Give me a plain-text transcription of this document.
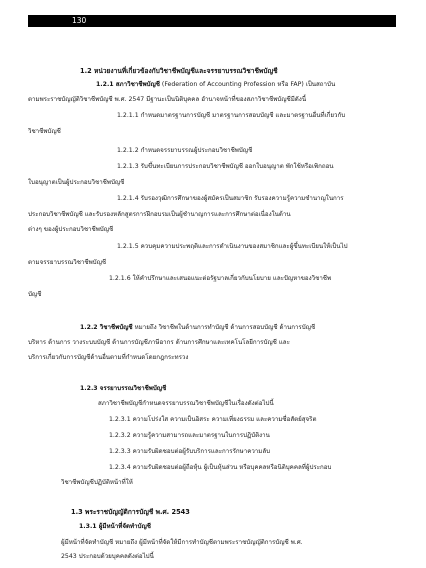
130
1.2 หน่วยงานที่เกี่ยวข้องกับวิชาชีพบัญชีและจรรยาบรรณวิชาชีพบัญชี
1.2.1 สภาวิชาชีพบัญชี (Federation of Accounting Profession หรือ FAP) เป็นสถาบัน
ตามพระราชบัญญัติวิชาชีพบัญชี พ.ศ. 2547 มีฐานะเป็นนิติบุคคล อำนาจหน้าที่ของสภาวิชาชีพบัญชีมีดังนี้
1.2.1.1 กำหนดมาตรฐานการบัญชี มาตรฐานการสอบบัญชี และมาตรฐานอื่นที่เกี่ยวกับ
วิชาชีพบัญชี
1.2.1.2 กำหนดจรรยาบรรณผู้ประกอบวิชาชีพบัญชี
1.2.1.3 รับขึ้นทะเบียนการประกอบวิชาชีพบัญชี ออกใบอนุญาต พักใช้หรือเพิกถอน
ใบอนุญาตเป็นผู้ประกอบวิชาชีพบัญชี
1.2.1.4 รับรองวุฒิการศึกษาของผู้สมัครเป็นสมาชิก รับรองความรู้ความชำนาญในการ
ประกอบวิชาชีพบัญชี และรับรองหลักสูตรการฝึกอบรมเป็นผู้ชำนาญการและการศึกษาต่อเนื่องในด้าน
ต่างๆ ของผู้ประกอบวิชาชีพบัญชี
1.2.1.5 ควบคุมความประพฤติและการดำเนินงานของสมาชิกและผู้ขึ้นทะเบียนให้เป็นไป
ตามจรรยาบรรณวิชาชีพบัญชี
1.2.1.6 ให้คำปรึกษาและเสนอแนะต่อรัฐบาลเกี่ยวกับนโยบาย และปัญหาของวิชาชีพ
บัญชี
1.2.2 วิชาชีพบัญชี หมายถึง วิชาชีพในด้านการทำบัญชี ด้านการสอบบัญชี ด้านการบัญชี
บริหาร ด้านการ วางระบบบัญชี ด้านการบัญชีภาษีอากร ด้านการศึกษาและเทคโนโลยีการบัญชี และ
บริการเกี่ยวกับการบัญชีด้านอื่นตามที่กำหนดโดยกฎกระทรวง
1.2.3 จรรยาบรรณวิชาชีพบัญชี
สภาวิชาชีพบัญชีกำหนดจรรยาบรรณวิชาชีพบัญชีในเรื่องดังต่อไปนี้
1.2.3.1 ความโปร่งใส ความเป็นอิสระ ความเที่ยงธรรม และความซื่อสัตย์สุจริต
1.2.3.2 ความรู้ความสามารถและมาตรฐานในการปฏิบัติงาน
1.2.3.3 ความรับผิดชอบต่อผู้รับบริการและการรักษาความลับ
1.2.3.4 ความรับผิดชอบต่อผู้ถือหุ้น ผู้เป็นหุ้นส่วน หรือบุคคลหรือนิติบุคคลที่ผู้ประกอบ
วิชาชีพบัญชีปฏิบัติหน้าที่ให้
1.3 พระราชบัญญัติการบัญชี พ.ศ. 2543
1.3.1 ผู้มีหน้าที่จัดทำบัญชี
ผู้มีหน้าที่จัดทำบัญชี หมายถึง ผู้มีหน้าที่จัดให้มีการทำบัญชีตามพระราชบัญญัติการบัญชี พ.ศ.
2543 ประกอบด้วยบุคคลดังต่อไปนี้
